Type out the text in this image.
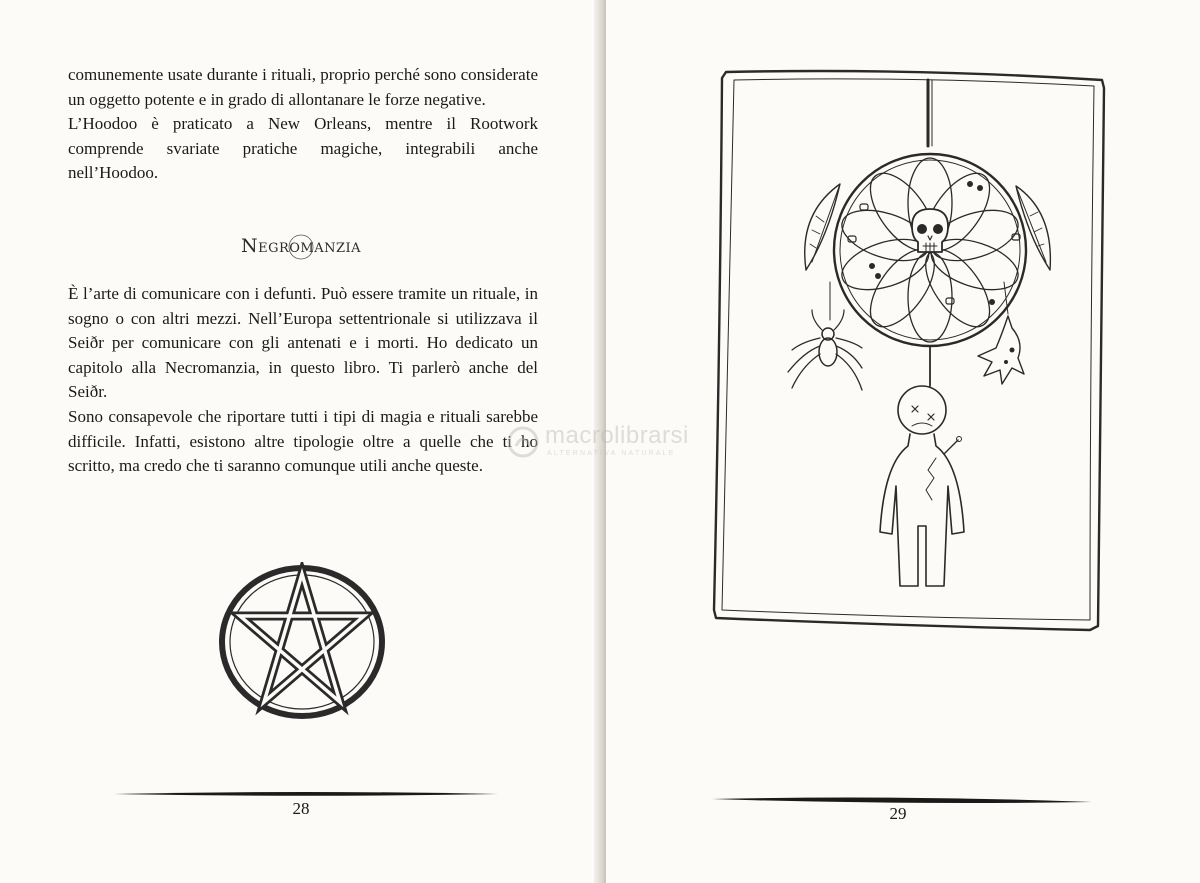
comunemente usate durante i rituali, proprio perché sono considerate un oggetto potente e in grado di allontanare le forze negative.

L’Hoodoo è praticato a New Orleans, mentre il Rootwork comprende svariate pratiche magiche, integrabili anche nell’Hoodoo.

Negromanzia

È l’arte di comunicare con i defunti. Può essere tramite un rituale, in sogno o con altri mezzi. Nell’Europa settentrionale si utilizzava il Seiðr per comunicare con gli antenati e i morti. Ho dedicato un capitolo alla Necromanzia, in questo libro. Ti parlerò anche del Seiðr.

Sono consapevole che riportare tutti i tipi di magia e rituali sarebbe difficile. Infatti, esistono altre tipologie oltre a quelle che ti ho scritto, ma credo che ti saranno comunque utili anche queste.

28	29
macrolibrarsi
ALTERNATIVA NATURALE
